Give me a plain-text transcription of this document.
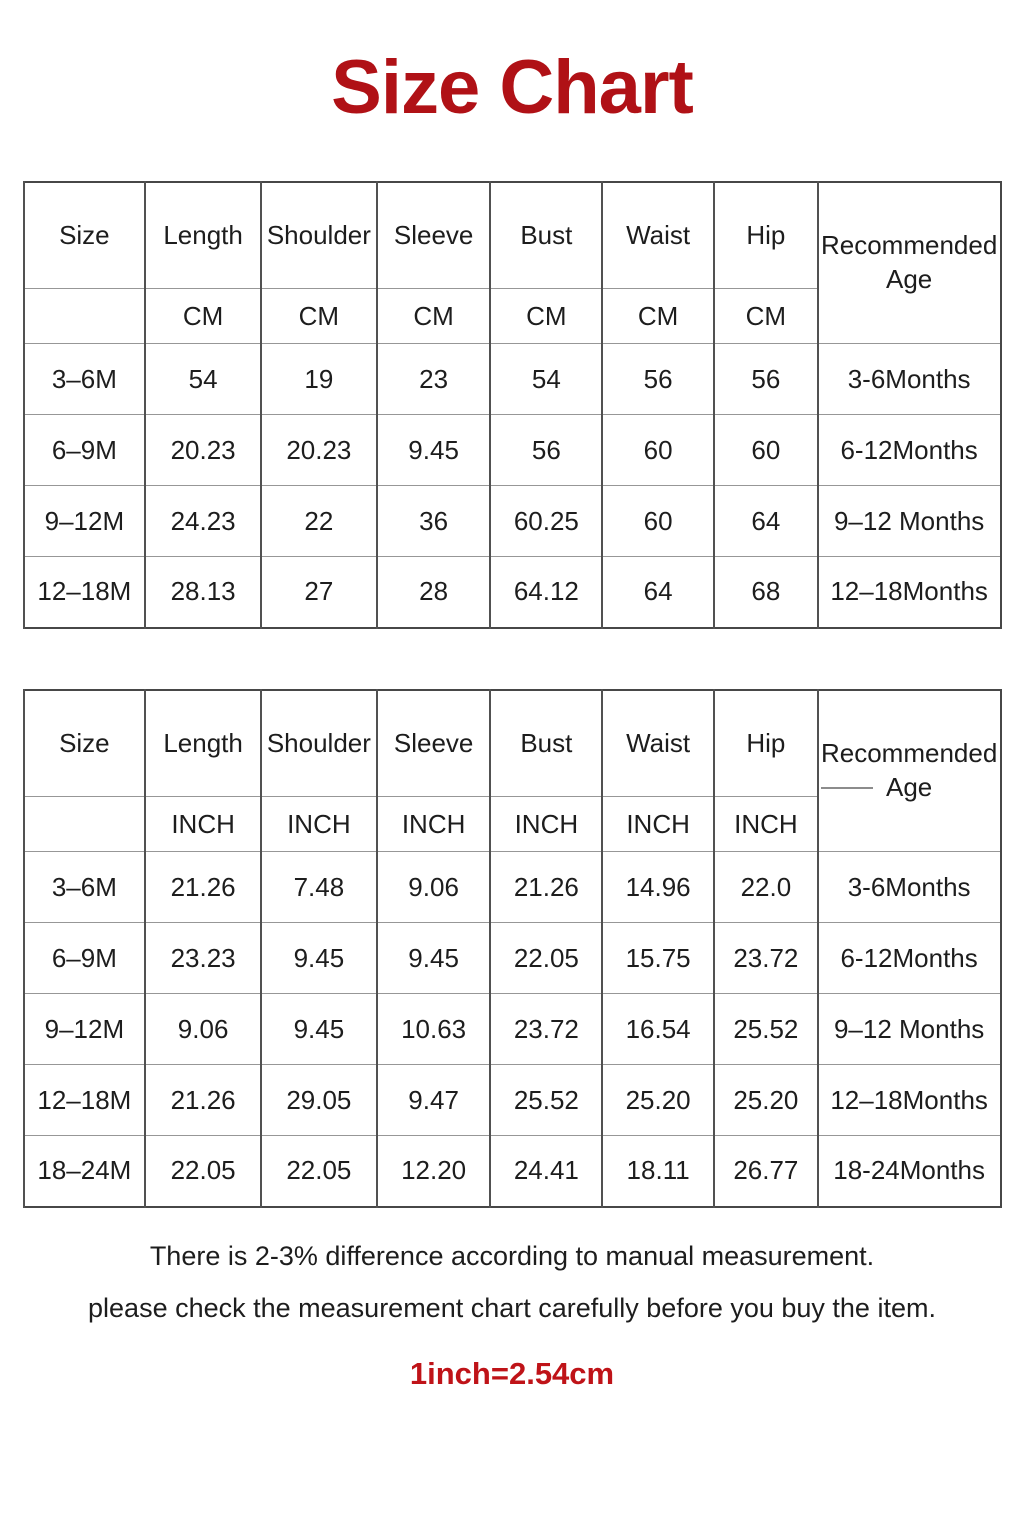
Size Chart
Size	Length	Shoulder	Sleeve	Bust	Waist	Hip	Recommended Age
	CM	CM	CM	CM	CM	CM	
3–6M	54	19	23	54	56	56	3-6Months
6–9M	20.23	20.23	9.45	56	60	60	6-12Months
9–12M	24.23	22	36	60.25	60	64	9–12 Months
12–18M	28.13	27	28	64.12	64	68	12–18Months
Size	Length	Shoulder	Sleeve	Bust	Waist	Hip	Recommended Age

	INCH	INCH	INCH	INCH	INCH	INCH	
3–6M	21.26	7.48	9.06	21.26	14.96	22.0	3-6Months
6–9M	23.23	9.45	9.45	22.05	15.75	23.72	6-12Months
9–12M	9.06	9.45	10.63	23.72	16.54	25.52	9–12 Months
12–18M	21.26	29.05	9.47	25.52	25.20	25.20	12–18Months
18–24M	22.05	22.05	12.20	24.41	18.11	26.77	18-24Months

There is 2-3% difference according to manual measurement.

please check the measurement chart carefully before you buy the item.

1inch=2.54cm
